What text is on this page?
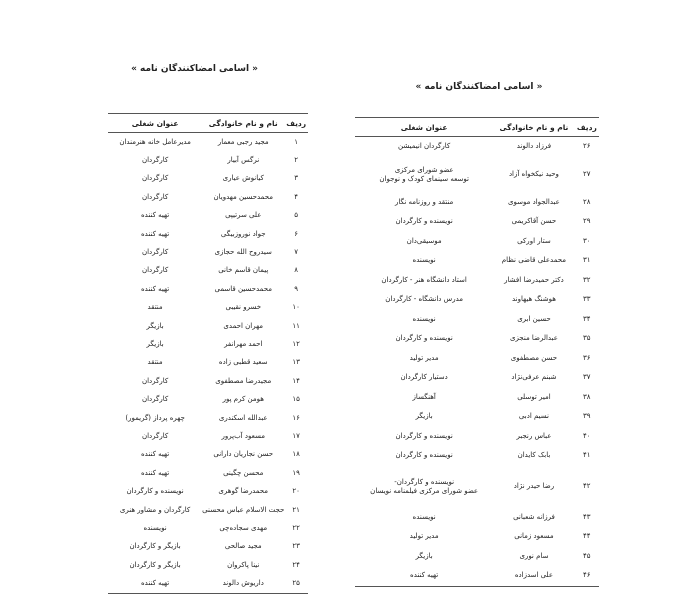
« اسامی امضاکنندگان نامه »
ردیف	نام و نام خانوادگی	عنوان شغلی
۱	مجید رجبی معمار	مدیرعامل خانه هنرمندان
۲	نرگس آبیار	کارگردان
۳	کیانوش عیاری	کارگردان
۴	محمدحسین مهدویان	کارگردان
۵	علی سرتیپی	تهیه کننده
۶	جواد نوروزبیگی	تهیه کننده
۷	سیدروح الله حجازی	کارگردان
۸	پیمان قاسم خانی	کارگردان
۹	محمدحسین قاسمی	تهیه کننده
۱۰	خسرو نقیبی	منتقد
۱۱	مهران احمدی	بازیگر
۱۲	احمد مهرانفر	بازیگر
۱۳	سعید قطبی زاده	منتقد
۱۴	مجیدرضا مصطفوی	کارگردان
۱۵	هومن کرم پور	کارگردان
۱۶	عبدالله اسکندری	چهره پرداز (گریمور)
۱۷	مسعود آب‌پرور	کارگردان
۱۸	حسن نجاریان دارانی	تهیه کننده
۱۹	محسن چگینی	تهیه کننده
۲۰	محمدرضا گوهری	نویسنده و کارگردان
۲۱	حجت الاسلام عباس محسنی	کارگردان و مشاور هنری
۲۲	مهدی سجاده‌چی	نویسنده
۲۳	مجید صالحی	بازیگر و کارگردان
۲۴	نینا پاکروان	بازیگر و کارگردان
۲۵	داریوش دالوند	تهیه کننده
« اسامی امضاکنندگان نامه »
ردیف	نام و نام خانوادگی	عنوان شغلی
۲۶	فرزاد دالوند	کارگردان انیمیشن
۲۷	وحید نیکخواه آزاد	عضو شورای مرکزی
توسعه سینمای کودک و نوجوان

۲۸	عبدالجواد موسوی	منتقد و روزنامه نگار
۲۹	حسن آقاکریمی	نویسنده و کارگردان
۳۰	ستار اورکی	موسیقی‌دان
۳۱	محمدعلی قاضی نظام	نویسنده
۳۲	دکتر حمیدرضا افشار	استاد دانشگاه هنر - کارگردان
۳۳	هوشنگ هیهاوند	مدرس دانشگاه - کارگردان
۳۴	حسین ابری	نویسنده
۳۵	عبدالرضا منجزی	نویسنده و کارگردان
۳۶	حسن مصطفوی	مدیر تولید
۳۷	شبنم عرفی‌نژاد	دستیار کارگردان
۳۸	امیر توسلی	آهنگساز
۳۹	نسیم ادبی	بازیگر
۴۰	عباس رنجبر	نویسنده و کارگردان
۴۱	بابک کایدان	نویسنده و کارگردان
۴۲	رضا حیدر نژاد	نویسنده و کارگردان-
عضو شورای مرکزی فیلمنامه نویسان

۴۳	فرزانه شعبانی	نویسنده
۴۴	مسعود زمانی	مدیر تولید
۴۵	سام نوری	بازیگر
۴۶	علی اسدزاده	تهیه کننده
